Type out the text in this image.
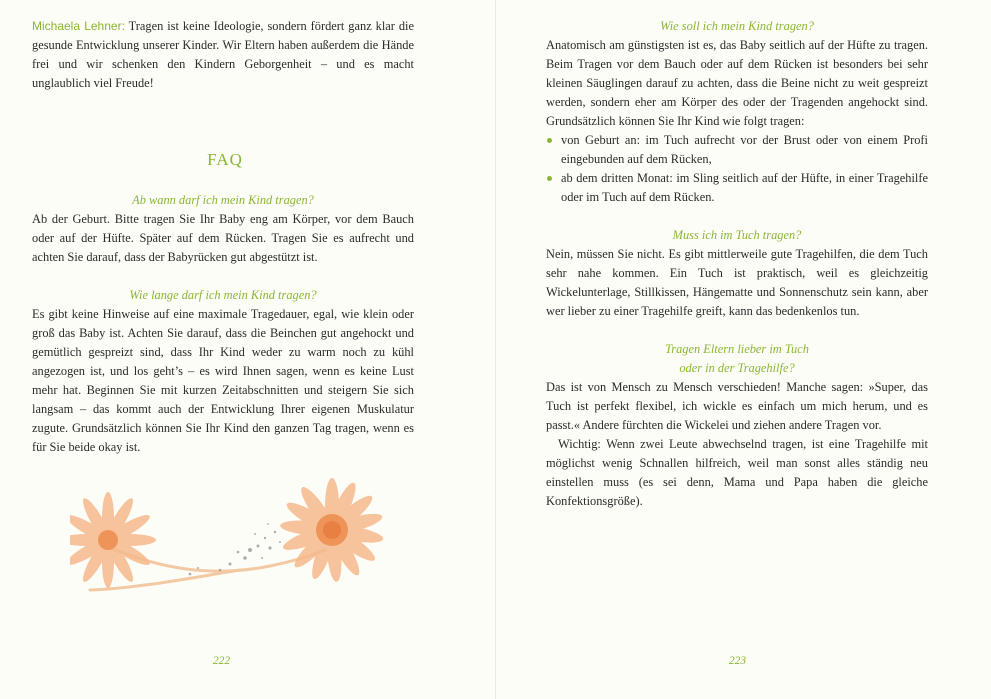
Michaela Lehner: Tragen ist keine Ideologie, sondern fördert ganz klar die gesunde Entwicklung unserer Kinder. Wir Eltern haben außerdem die Hände frei und wir schenken den Kindern Geborgenheit – und es macht unglaublich viel Freude!

FAQ

Ab wann darf ich mein Kind tragen?

Ab der Geburt. Bitte tragen Sie Ihr Baby eng am Körper, vor dem Bauch oder auf der Hüfte. Später auf dem Rücken. Tragen Sie es aufrecht und achten Sie darauf, dass der Babyrücken gut abgestützt ist.

Wie lange darf ich mein Kind tragen?

Es gibt keine Hinweise auf eine maximale Tragedauer, egal, wie klein oder groß das Baby ist. Achten Sie darauf, dass die Beinchen gut angehockt und gemütlich gespreizt sind, dass Ihr Kind weder zu warm noch zu kühl angezogen ist, und los geht’s – es wird Ihnen sagen, wenn es keine Lust mehr hat. Beginnen Sie mit kurzen Zeitabschnitten und steigern Sie sich langsam – das kommt auch der Entwicklung Ihrer eigenen Muskulatur zugute. Grundsätzlich können Sie Ihr Kind den ganzen Tag tragen, wenn es für Sie beide okay ist.

222

Wie soll ich mein Kind tragen?

Anatomisch am günstigsten ist es, das Baby seitlich auf der Hüfte zu tragen. Beim Tragen vor dem Bauch oder auf dem Rücken ist besonders bei sehr kleinen Säuglingen darauf zu achten, dass die Beine nicht zu weit gespreizt werden, sondern eher am Körper des oder der Tragenden angehockt sind. Grundsätzlich können Sie Ihr Kind wie folgt tragen:

von Geburt an: im Tuch aufrecht vor der Brust oder von einem Profi eingebunden auf dem Rücken,
ab dem dritten Monat: im Sling seitlich auf der Hüfte, in einer Tragehilfe oder im Tuch auf dem Rücken.

Muss ich im Tuch tragen?

Nein, müssen Sie nicht. Es gibt mittlerweile gute Tragehilfen, die dem Tuch sehr nahe kommen. Ein Tuch ist praktisch, weil es gleichzeitig Wickelunterlage, Stillkissen, Hängematte und Sonnenschutz sein kann, aber wer lieber zu einer Tragehilfe greift, kann das bedenkenlos tun.

Tragen Eltern lieber im Tuch
oder in der Tragehilfe?

Das ist von Mensch zu Mensch verschieden! Manche sagen: »Super, das Tuch ist perfekt flexibel, ich wickle es einfach um mich herum, und es passt.« Andere fürchten die Wickelei und ziehen andere Tragen vor.

Wichtig: Wenn zwei Leute abwechselnd tragen, ist eine Tragehilfe mit möglichst wenig Schnallen hilfreich, weil man sonst alles ständig neu einstellen muss (es sei denn, Mama und Papa haben die gleiche Konfektionsgröße).

223
